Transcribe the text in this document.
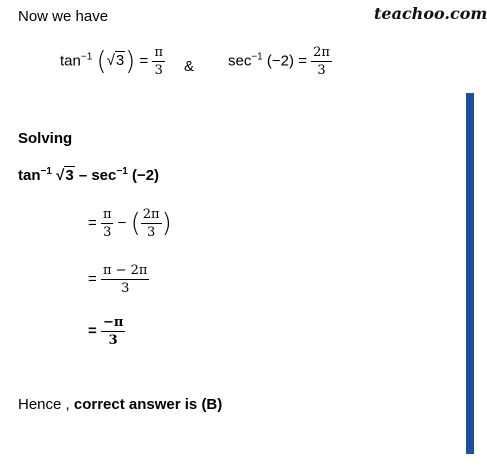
teachoo.com
Now we have
$\tan^{-1} (√3) = \frac{\pi}{3}$ & $\sec^{-1} (-2) = \frac{2\pi}{3}$
Solving
$\tan^{-1} √3 - \sec^{-1} (-2)$
= $\frac{\pi}{3}$ − ( $\frac{2\pi}{3}$ )
= $\frac{\pi - 2\pi}{3}$
= $\frac{-\pi}{3}$
Hence , correct answer is (B)
